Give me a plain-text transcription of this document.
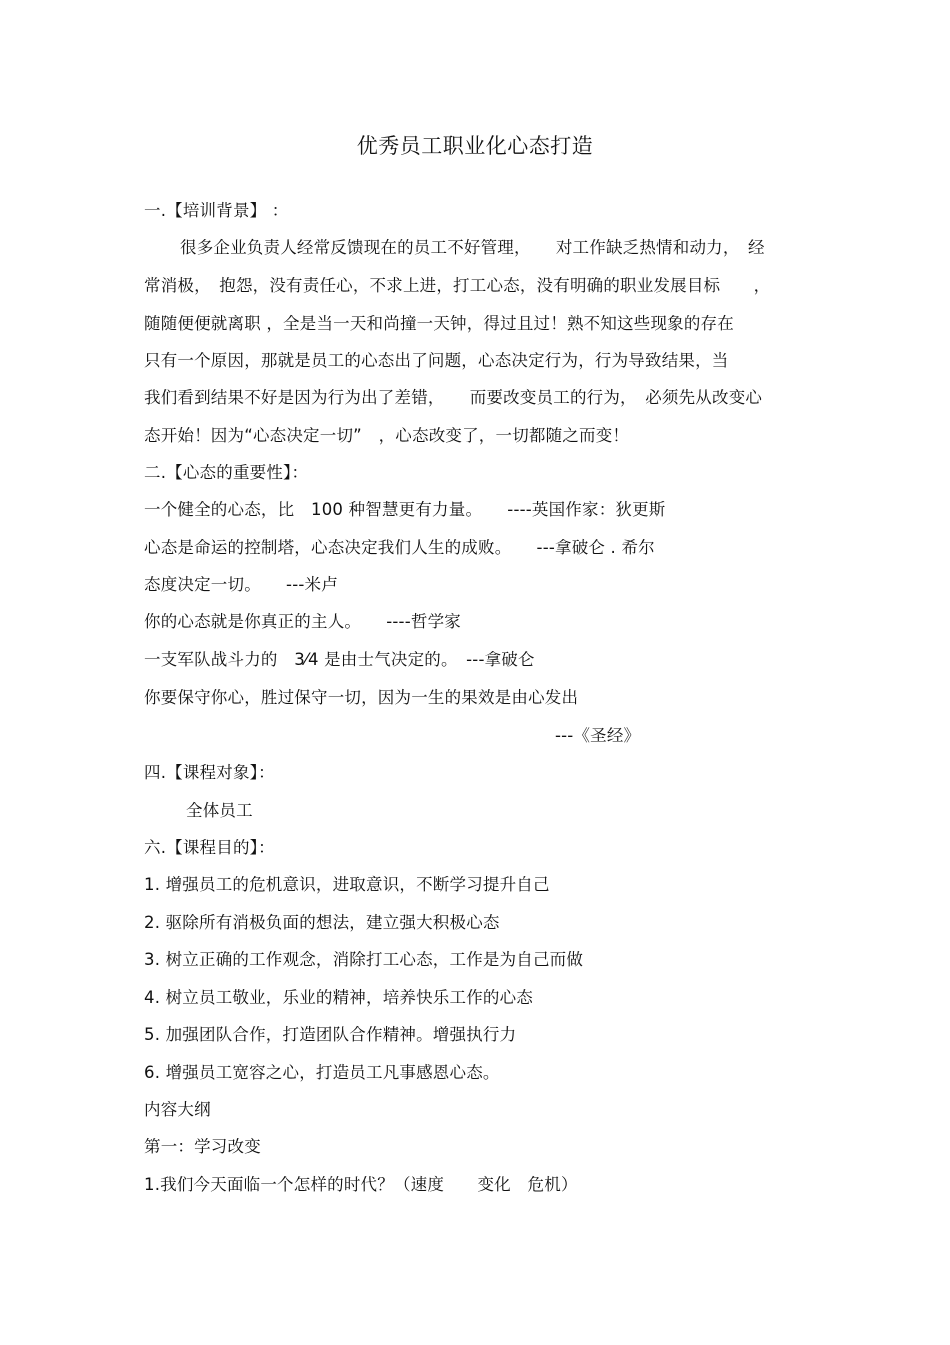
优秀员工职业化心态打造

一.【培训背景】 ：

很多企业负责人经常反馈现在的员工不好管理，　　对工作缺乏热情和动力，　经

常消极，　抱怨，没有责任心，不求上进，打工心态，没有明确的职业发展目标　　，

随随便便就离职 ，全是当一天和尚撞一天钟，得过且过！熟不知这些现象的存在

只有一个原因，那就是员工的心态出了问题，心态决定行为，行为导致结果，当

我们看到结果不好是因为行为出了差错，　　而要改变员工的行为，　必须先从改变心

态开始！因为“心态决定一切”　，心态改变了，一切都随之而变！

二.【心态的重要性】：

一个健全的心态，比　100 种智慧更有力量。　　----英国作家：狄更斯

心态是命运的控制塔，心态决定我们人生的成败。　　---拿破仑 . 希尔

态度决定一切。　　---米卢

你的心态就是你真正的主人。　　----哲学家

一支军队战斗力的　3⁄4 是由士气决定的。　---拿破仑

你要保守你心，胜过保守一切，因为一生的果效是由心发出

---《圣经》

四.【课程对象】：

全体员工

六.【课程目的】：

1. 增强员工的危机意识，进取意识，不断学习提升自己

2. 驱除所有消极负面的想法，建立强大积极心态

3. 树立正确的工作观念，消除打工心态，工作是为自己而做

4. 树立员工敬业，乐业的精神，培养快乐工作的心态

5. 加强团队合作，打造团队合作精神。增强执行力

6. 增强员工宽容之心，打造员工凡事感恩心态。

内容大纲

第一：学习改变

1.我们今天面临一个怎样的时代？（速度　　变化　危机）
